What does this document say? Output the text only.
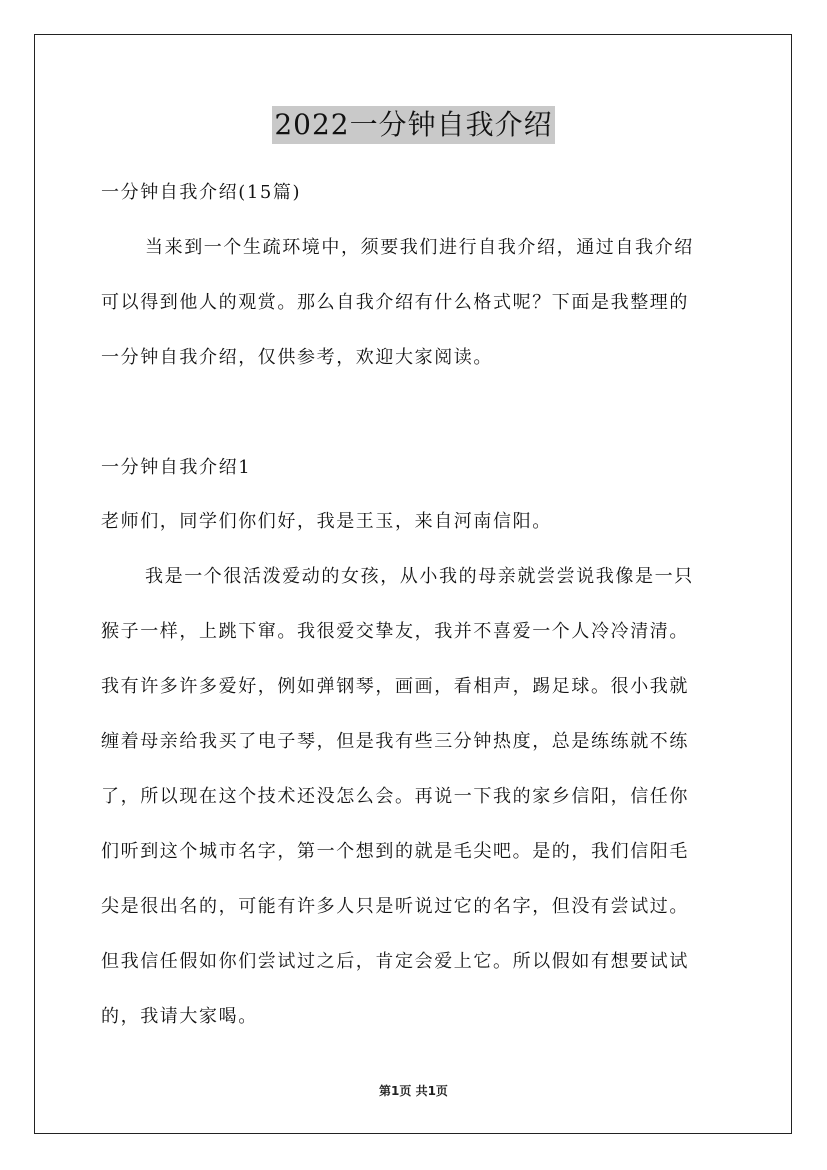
2022一分钟自我介绍

一分钟自我介绍(15篇)

当来到一个生疏环境中，须要我们进行自我介绍，通过自我介绍

可以得到他人的观赏。那么自我介绍有什么格式呢？下面是我整理的

一分钟自我介绍，仅供参考，欢迎大家阅读。

一分钟自我介绍1

老师们，同学们你们好，我是王玉，来自河南信阳。

我是一个很活泼爱动的女孩，从小我的母亲就尝尝说我像是一只

猴子一样，上跳下窜。我很爱交挚友，我并不喜爱一个人冷冷清清。

我有许多许多爱好，例如弹钢琴，画画，看相声，踢足球。很小我就

缠着母亲给我买了电子琴，但是我有些三分钟热度，总是练练就不练

了，所以现在这个技术还没怎么会。再说一下我的家乡信阳，信任你

们听到这个城市名字，第一个想到的就是毛尖吧。是的，我们信阳毛

尖是很出名的，可能有许多人只是听说过它的名字，但没有尝试过。

但我信任假如你们尝试过之后，肯定会爱上它。所以假如有想要试试

的，我请大家喝。

第1页 共1页
